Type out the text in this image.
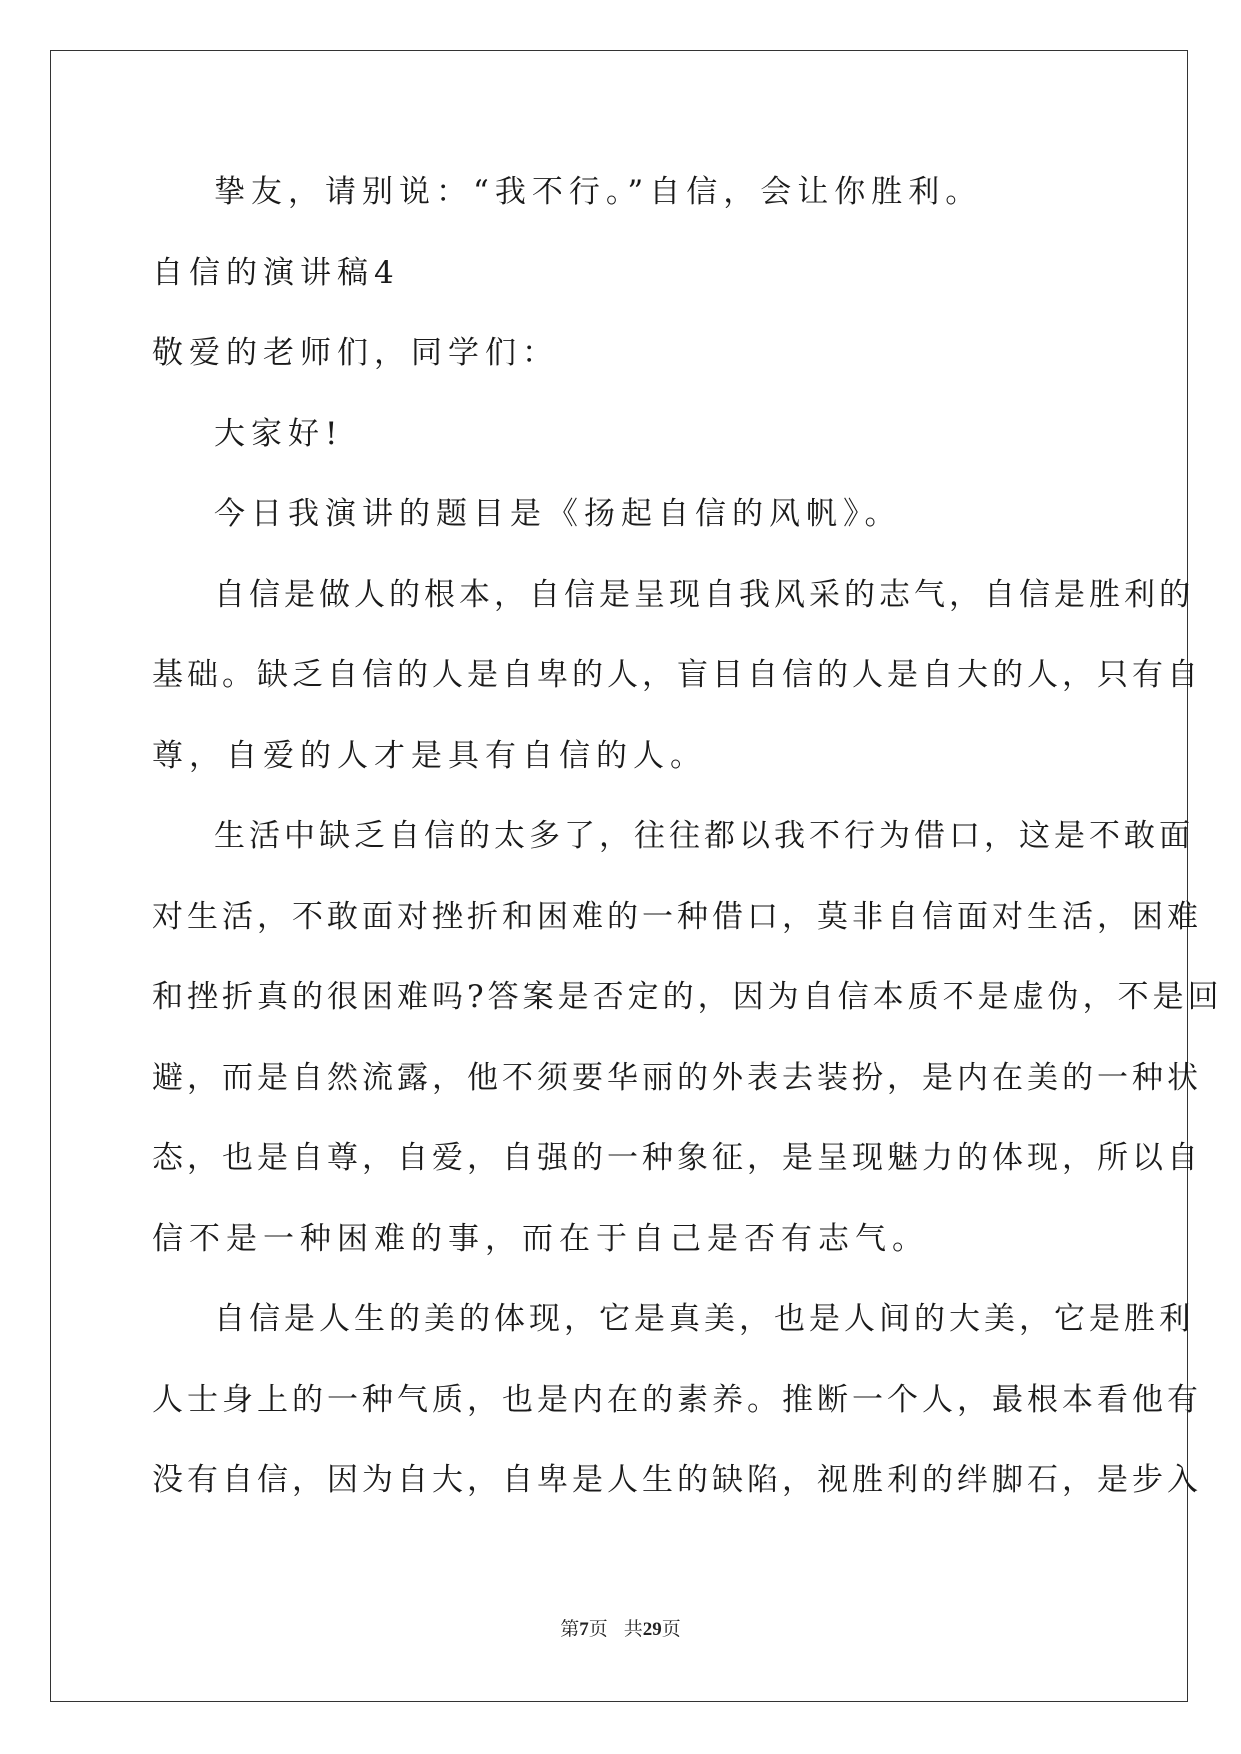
挚友，请别说：“我不行。”自信，会让你胜利。
自信的演讲稿4
敬爱的老师们，同学们：
大家好!
今日我演讲的题目是《扬起自信的风帆》。
自信是做人的根本，自信是呈现自我风采的志气，自信是胜利的
基础。缺乏自信的人是自卑的人，盲目自信的人是自大的人，只有自
尊，自爱的人才是具有自信的人。
生活中缺乏自信的太多了，往往都以我不行为借口，这是不敢面
对生活，不敢面对挫折和困难的一种借口，莫非自信面对生活，困难
和挫折真的很困难吗?答案是否定的，因为自信本质不是虚伪，不是回
避，而是自然流露，他不须要华丽的外表去装扮，是内在美的一种状
态，也是自尊，自爱，自强的一种象征，是呈现魅力的体现，所以自
信不是一种困难的事，而在于自己是否有志气。
自信是人生的美的体现，它是真美，也是人间的大美，它是胜利
人士身上的一种气质，也是内在的素养。推断一个人，最根本看他有
没有自信，因为自大，自卑是人生的缺陷，视胜利的绊脚石，是步入
第7页 共29页
